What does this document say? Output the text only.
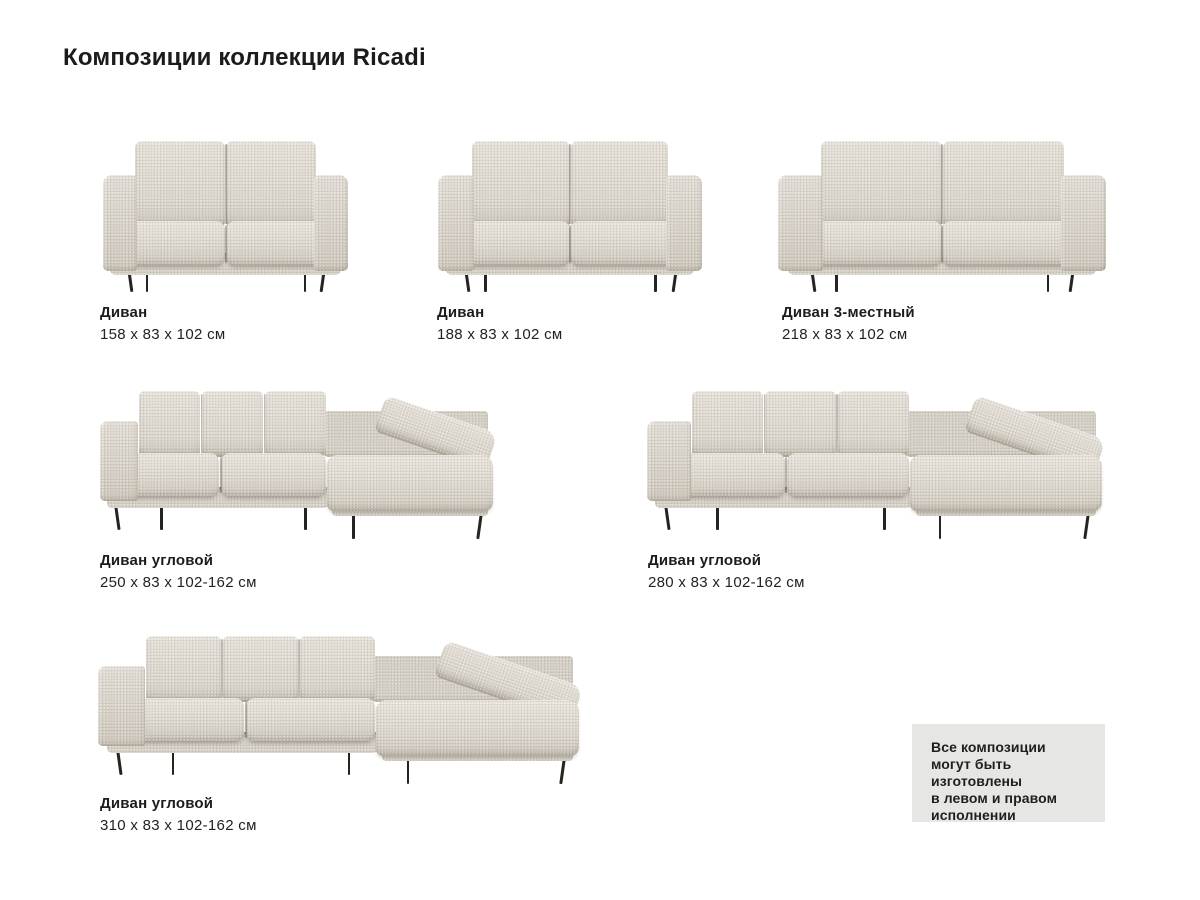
Композиции коллекции Ricadi
Диван
158 x 83 x 102 см
Диван
188 x 83 x 102 см
Диван 3-местный
218 x 83 x 102 см
Диван угловой
250 x 83 x 102-162 см
Диван угловой
280 x 83 x 102-162 см
Диван угловой
310 x 83 x 102-162 см
Все композиции
могут быть изготовлены
в левом и правом
исполнении
